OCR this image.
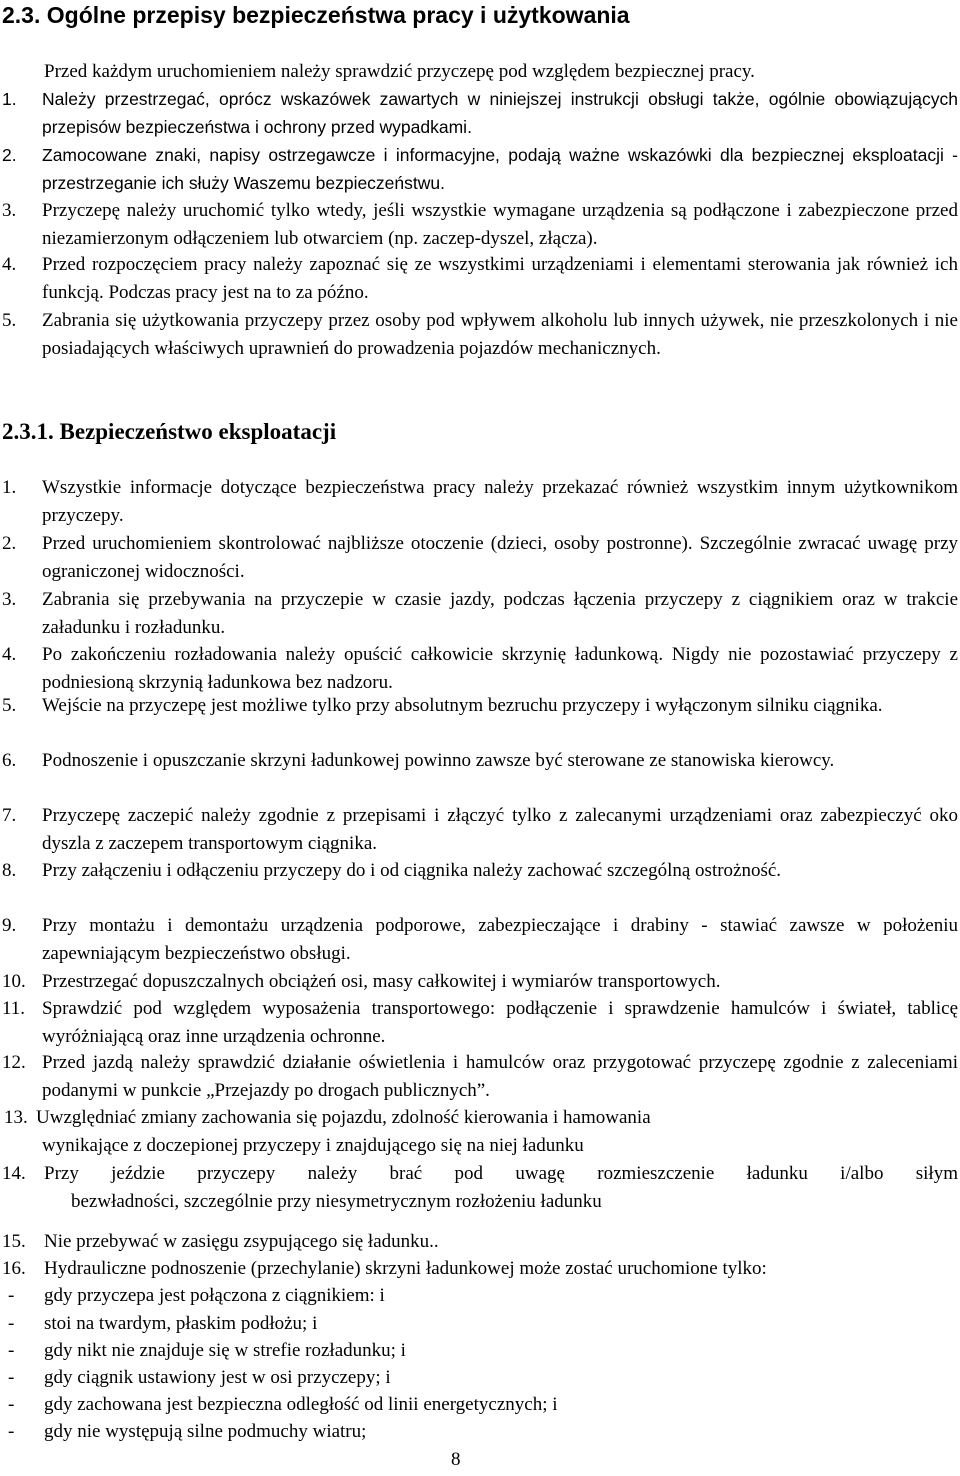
2.3. Ogólne przepisy bezpieczeństwa pracy i użytkowania
Przed każdym uruchomieniem należy sprawdzić przyczepę pod względem bezpiecznej pracy.
1. Należy przestrzegać, oprócz wskazówek zawartych w niniejszej instrukcji obsługi także, ogólnie obowiązujących przepisów bezpieczeństwa i ochrony przed wypadkami.
2. Zamocowane znaki, napisy ostrzegawcze i informacyjne, podają ważne wskazówki dla bezpiecznej eksploatacji - przestrzeganie ich służy Waszemu bezpieczeństwu.
3. Przyczepę należy uruchomić tylko wtedy, jeśli wszystkie wymagane urządzenia są podłączone i zabezpieczone przed niezamierzonym odłączeniem lub otwarciem (np. zaczep-dyszel, złącza).
4. Przed rozpoczęciem pracy należy zapoznać się ze wszystkimi urządzeniami i elementami sterowania jak również ich funkcją. Podczas pracy jest na to za późno.
5. Zabrania się użytkowania przyczepy przez osoby pod wpływem alkoholu lub innych używek, nie przeszkolonych i nie posiadających właściwych uprawnień do prowadzenia pojazdów mechanicznych.
2.3.1. Bezpieczeństwo eksploatacji
1. Wszystkie informacje dotyczące bezpieczeństwa pracy należy przekazać również wszystkim innym użytkownikom przyczepy.
2. Przed uruchomieniem skontrolować najbliższe otoczenie (dzieci, osoby postronne). Szczególnie zwracać uwagę przy ograniczonej widoczności.
3. Zabrania się przebywania na przyczepie w czasie jazdy, podczas łączenia przyczepy z ciągnikiem oraz w trakcie załadunku i rozładunku.
4. Po zakończeniu rozładowania należy opuścić całkowicie skrzynię ładunkową. Nigdy nie pozostawiać przyczepy z podniesioną skrzynią ładunkowa bez nadzoru.
5. Wejście na przyczepę jest możliwe tylko przy absolutnym bezruchu przyczepy i wyłączonym silniku ciągnika.
6. Podnoszenie i opuszczanie skrzyni ładunkowej powinno zawsze być sterowane ze stanowiska kierowcy.
7. Przyczepę zaczepić należy zgodnie z przepisami i złączyć tylko z zalecanymi urządzeniami oraz zabezpieczyć oko dyszla z zaczepem transportowym ciągnika.
8. Przy załączeniu i odłączeniu przyczepy do i od ciągnika należy zachować szczególną ostrożność.
9. Przy montażu i demontażu urządzenia podporowe, zabezpieczające i drabiny - stawiać zawsze w położeniu zapewniającym bezpieczeństwo obsługi.
10. Przestrzegać dopuszczalnych obciążeń osi, masy całkowitej i wymiarów transportowych.
11. Sprawdzić pod względem wyposażenia transportowego: podłączenie i sprawdzenie hamulców i świateł, tablicę wyróżniającą oraz inne urządzenia ochronne.
12. Przed jazdą należy sprawdzić działanie oświetlenia i hamulców oraz przygotować przyczepę zgodnie z zaleceniami podanymi w punkcie „Przejazdy po drogach publicznych”.
13. Uwzględniać zmiany zachowania się pojazdu, zdolność kierowania i hamowania
wynikające z doczepionej przyczepy i znajdującego się na niej ładunku
14. Przy jeździe przyczepy należy brać pod uwagę rozmieszczenie ładunku i/albo siłym
bezwładności, szczególnie przy niesymetrycznym rozłożeniu ładunku
15. Nie przebywać w zasięgu zsypującego się ładunku..
16. Hydrauliczne podnoszenie (przechylanie) skrzyni ładunkowej może zostać uruchomione tylko:
- gdy przyczepa jest połączona z ciągnikiem: i
- stoi na twardym, płaskim podłożu; i
- gdy nikt nie znajduje się w strefie rozładunku; i
- gdy ciągnik ustawiony jest w osi przyczepy; i
- gdy zachowana jest bezpieczna odległość od linii energetycznych; i
- gdy nie występują silne podmuchy wiatru;
8
